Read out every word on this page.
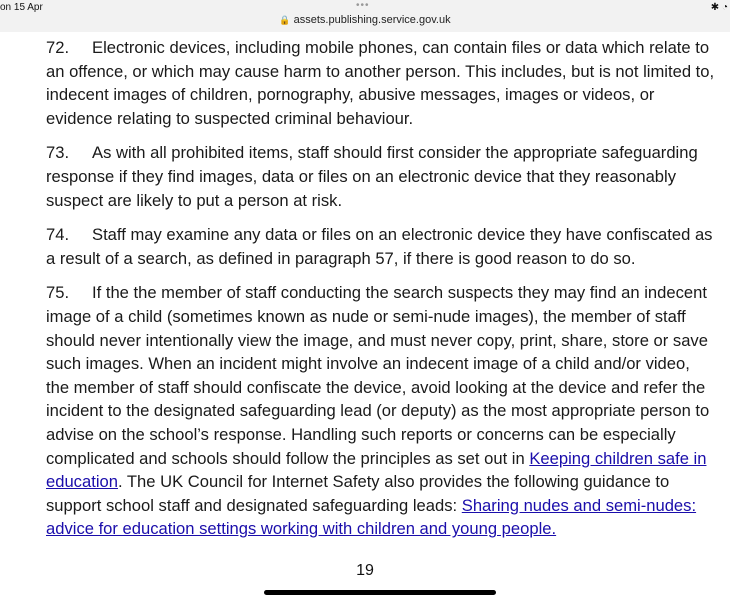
on 15 Apr	•••	✱ ◔
🔒 assets.publishing.service.gov.uk

72. Electronic devices, including mobile phones, can contain files or data which relate to an offence, or which may cause harm to another person. This includes, but is not limited to, indecent images of children, pornography, abusive messages, images or videos, or evidence relating to suspected criminal behaviour.

73. As with all prohibited items, staff should first consider the appropriate safeguarding response if they find images, data or files on an electronic device that they reasonably suspect are likely to put a person at risk.

74. Staff may examine any data or files on an electronic device they have confiscated as a result of a search, as defined in paragraph 57, if there is good reason to do so.

75. If the the member of staff conducting the search suspects they may find an indecent image of a child (sometimes known as nude or semi-nude images), the member of staff should never intentionally view the image, and must never copy, print, share, store or save such images. When an incident might involve an indecent image of a child and/or video, the member of staff should confiscate the device, avoid looking at the device and refer the incident to the designated safeguarding lead (or deputy) as the most appropriate person to advise on the school’s response. Handling such reports or concerns can be especially complicated and schools should follow the principles as set out in Keeping children safe in education. The UK Council for Internet Safety also provides the following guidance to support school staff and designated safeguarding leads: Sharing nudes and semi-nudes: advice for education settings working with children and young people.

19
